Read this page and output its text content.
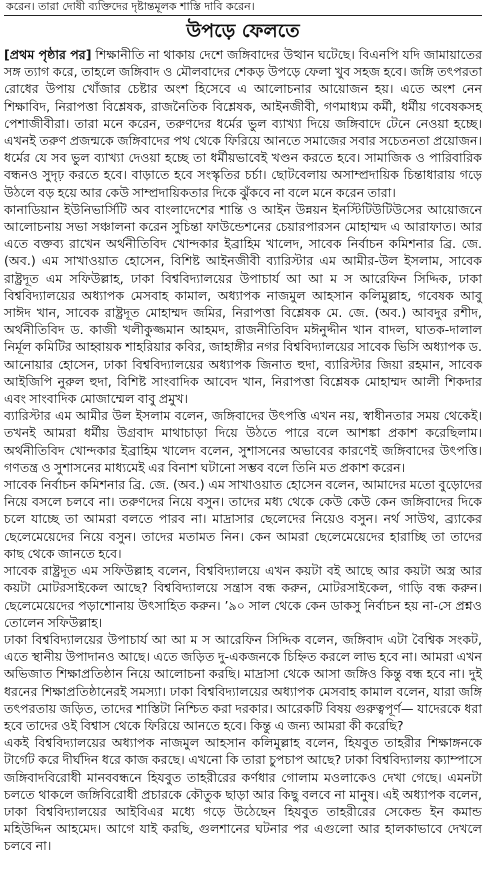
করেন। তারা দোষী ব্যক্তিদের দৃষ্টান্তমূলক শাস্তি দাবি করেন।
উপড়ে ফেলতে

[প্রথম পৃষ্ঠার পর] শিক্ষানীতি না থাকায় দেশে জঙ্গিবাদের উত্থান ঘটেছে। বিএনপি যদি জামায়াতের সঙ্গ ত্যাগ করে, তাহলে জঙ্গিবাদ ও মৌলবাদের শেকড় উপড়ে ফেলা খুব সহজ হবে। জঙ্গি তৎপরতা রোধের উপায় খোঁজার চেষ্টার অংশ হিসেবে এ আলোচনার আয়োজন হয়। এতে অংশ নেন শিক্ষাবিদ, নিরাপত্তা বিশ্লেষক, রাজনৈতিক বিশ্লেষক, আইনজীবী, গণমাধ্যম কর্মী, ধর্মীয় গবেষকসহ পেশাজীবীরা। তারা মনে করেন, তরুণদের ধর্মের ভুল ব্যাখ্যা দিয়ে জঙ্গিবাদে টেনে নেওয়া হচ্ছে। এখনই তরুণ প্রজন্মকে জঙ্গিবাদের পথ থেকে ফিরিয়ে আনতে সমাজের সবার সচেতনতা প্রয়োজন। ধর্মের যে সব ভুল ব্যাখ্যা দেওয়া হচ্ছে তা ধর্মীয়ভাবেই খণ্ডন করতে হবে। সামাজিক ও পারিবারিক বন্ধনও সুদৃঢ় করতে হবে। বাড়াতে হবে সংস্কৃতির চর্চা। ছোটবেলায় অসাম্প্রদায়িক চিন্তাধারায় গড়ে উঠলে বড় হয়ে আর কেউ সাম্প্রদায়িকতার দিকে ঝুঁকবে না বলে মনে করেন তারা।

কানাডিয়ান ইউনিভার্সিটি অব বাংলাদেশের শান্তি ও আইন উন্নয়ন ইনস্টিটিউটিউসের আয়োজনে আলোচনায় সভা সঞ্চালনা করেন সুচিন্তা ফাউন্ডেশনের চেয়ারপারসন মোহাম্মদ এ আরাফাত। আর এতে বক্তব্য রাখেন অর্থনীতিবিদ খোন্দকার ইব্রাহিম খালেদ, সাবেক নির্বাচন কমিশনার ব্রি. জে. (অব.) এম সাখাওয়াত হোসেন, বিশিষ্ট আইনজীবী ব্যারিস্টার এম আমীর-উল ইসলাম, সাবেক রাষ্ট্রদূত এম সফিউল্লাহ, ঢাকা বিশ্ববিদ্যালয়ের উপাচার্য আ আ ম স আরেফিন সিদ্দিক, ঢাকা বিশ্ববিদ্যালয়ের অধ্যাপক মেসবাহ কামাল, অধ্যাপক নাজমুল আহসান কলিমুল্লাহ, গবেষক আবু সাঈদ খান, সাবেক রাষ্ট্রদূত মোহাম্মদ জমির, নিরাপত্তা বিশ্লেষক মে. জে. (অব.) আবদুর রশীদ, অর্থনীতিবিদ ড. কাজী খলীকুজ্জমান আহমদ, রাজনীতিবিদ মঈনুদ্দীন খান বাদল, ঘাতক-দালাল নির্মূল কমিটির আহ্বায়ক শাহরিয়ার কবির, জাহাঙ্গীর নগর বিশ্ববিদ্যালয়ের সাবেক ভিসি অধ্যাপক ড. আনোয়ার হোসেন, ঢাকা বিশ্ববিদ্যালয়ের অধ্যাপক জিনাত হুদা, ব্যারিস্টার জিয়া রহমান, সাবেক আইজিপি নুরুল হুদা, বিশিষ্ট সাংবাদিক আবেদ খান, নিরাপত্তা বিশ্লেষক মোহাম্মদ আলী শিকদার এবং সাংবাদিক মোজাম্মেল বাবু প্রমুখ।

ব্যারিস্টার এম আমীর উল ইসলাম বলেন, জঙ্গিবাদের উৎপত্তি এখন নয়, স্বাধীনতার সময় থেকেই। তখনই আমরা ধর্মীয় উগ্রবাদ মাথাচাড়া দিয়ে উঠতে পারে বলে আশঙ্কা প্রকাশ করেছিলাম। অর্থনীতিবিদ খোন্দকার ইব্রাহিম খালেদ বলেন, সুশাসনের অভাবের কারণেই জঙ্গিবাদের উৎপত্তি। গণতন্ত্র ও সুশাসনের মাধ্যমেই এর বিনাশ ঘটানো সম্ভব বলে তিনি মত প্রকাশ করেন।

সাবেক নির্বাচন কমিশনার ব্রি. জে. (অব.) এম সাখাওয়াত হোসেন বলেন, আমাদের মতো বুড়োদের নিয়ে বসলে চলবে না। তরুণদের নিয়ে বসুন। তাদের মধ্য থেকে কেউ কেউ কেন জঙ্গিবাদের দিকে চলে যাচ্ছে তা আমরা বলতে পারব না। মাদ্রাসার ছেলেদের নিয়েও বসুন। নর্থ সাউথ, ব্র্যাকের ছেলেমেয়েদের নিয়ে বসুন। তাদের মতামত নিন। কেন আমরা ছেলেমেয়েদের হারাচ্ছি তা তাদের কাছ থেকে জানতে হবে।

সাবেক রাষ্ট্রদূত এম সফিউল্লাহ বলেন, বিশ্ববিদ্যালয়ে এখন কয়টা বই আছে আর কয়টা অস্ত্র আর কয়টা মোটরসাইকেল আছে? বিশ্ববিদ্যালয়ে সন্ত্রাস বন্ধ করুন, মোটরসাইকেল, গাড়ি বন্ধ করুন। ছেলেমেয়েদের পড়াশোনায় উৎসাহিত করুন। ’৯০ সাল থেকে কেন ডাকসু নির্বাচন হয় না-সে প্রশ্নও তোলেন সফিউল্লাহ।

ঢাকা বিশ্ববিদ্যালয়ের উপাচার্য আ আ ম স আরেফিন সিদ্দিক বলেন, জঙ্গিবাদ এটা বৈশ্বিক সংকট, এতে স্থানীয় উপাদানও আছে। এতে জড়িত দু-একজনকে চিহ্নিত করলে লাভ হবে না। আমরা এখন অভিজাত শিক্ষাপ্রতিষ্ঠান নিয়ে আলোচনা করছি। মাদ্রাসা থেকে আসা জঙ্গিও কিন্তু বন্ধ হবে না। দুই ধরনের শিক্ষাপ্রতিষ্ঠানেরই সমস্যা। ঢাকা বিশ্ববিদ্যালয়ের অধ্যাপক মেসবাহ কামাল বলেন, যারা জঙ্গি তৎপরতায় জড়িত, তাদের শাস্তিটা নিশ্চিত করা দরকার। আরেকটি বিষয় গুরুত্বপূর্ণ— যাদেরকে ধরা হবে তাদের ওই বিশ্বাস থেকে ফিরিয়ে আনতে হবে। কিন্তু এ জন্য আমরা কী করেছি?

একই বিশ্ববিদ্যালয়ের অধ্যাপক নাজমুল আহসান কলিমুল্লাহ বলেন, হিযবুত তাহরীর শিক্ষাঙ্গনকে টার্গেট করে দীর্ঘদিন ধরে কাজ করছে। এখনো কি তারা চুপচাপ আছে? ঢাকা বিশ্ববিদ্যালয় ক্যাম্পাসে জঙ্গিবাদবিরোধী মানববন্ধনে হিযবুত তাহরীরের কর্ণধার গোলাম মওলাকেও দেখা গেছে। এমনটা চলতে থাকলে জঙ্গিবিরোধী প্রচারকে কৌতুক ছাড়া আর কিছু বলবে না মানুষ। এই অধ্যাপক বলেন, ঢাকা বিশ্ববিদ্যালয়ের আইবিএর মধ্যে গড়ে উঠেছেন হিযবুত তাহরীরের সেকেন্ড ইন কমান্ড মহিউদ্দিন আহমেদ। আগে যাই করছি, গুলশানের ঘটনার পর এগুলো আর হালকাভাবে দেখলে চলবে না।
